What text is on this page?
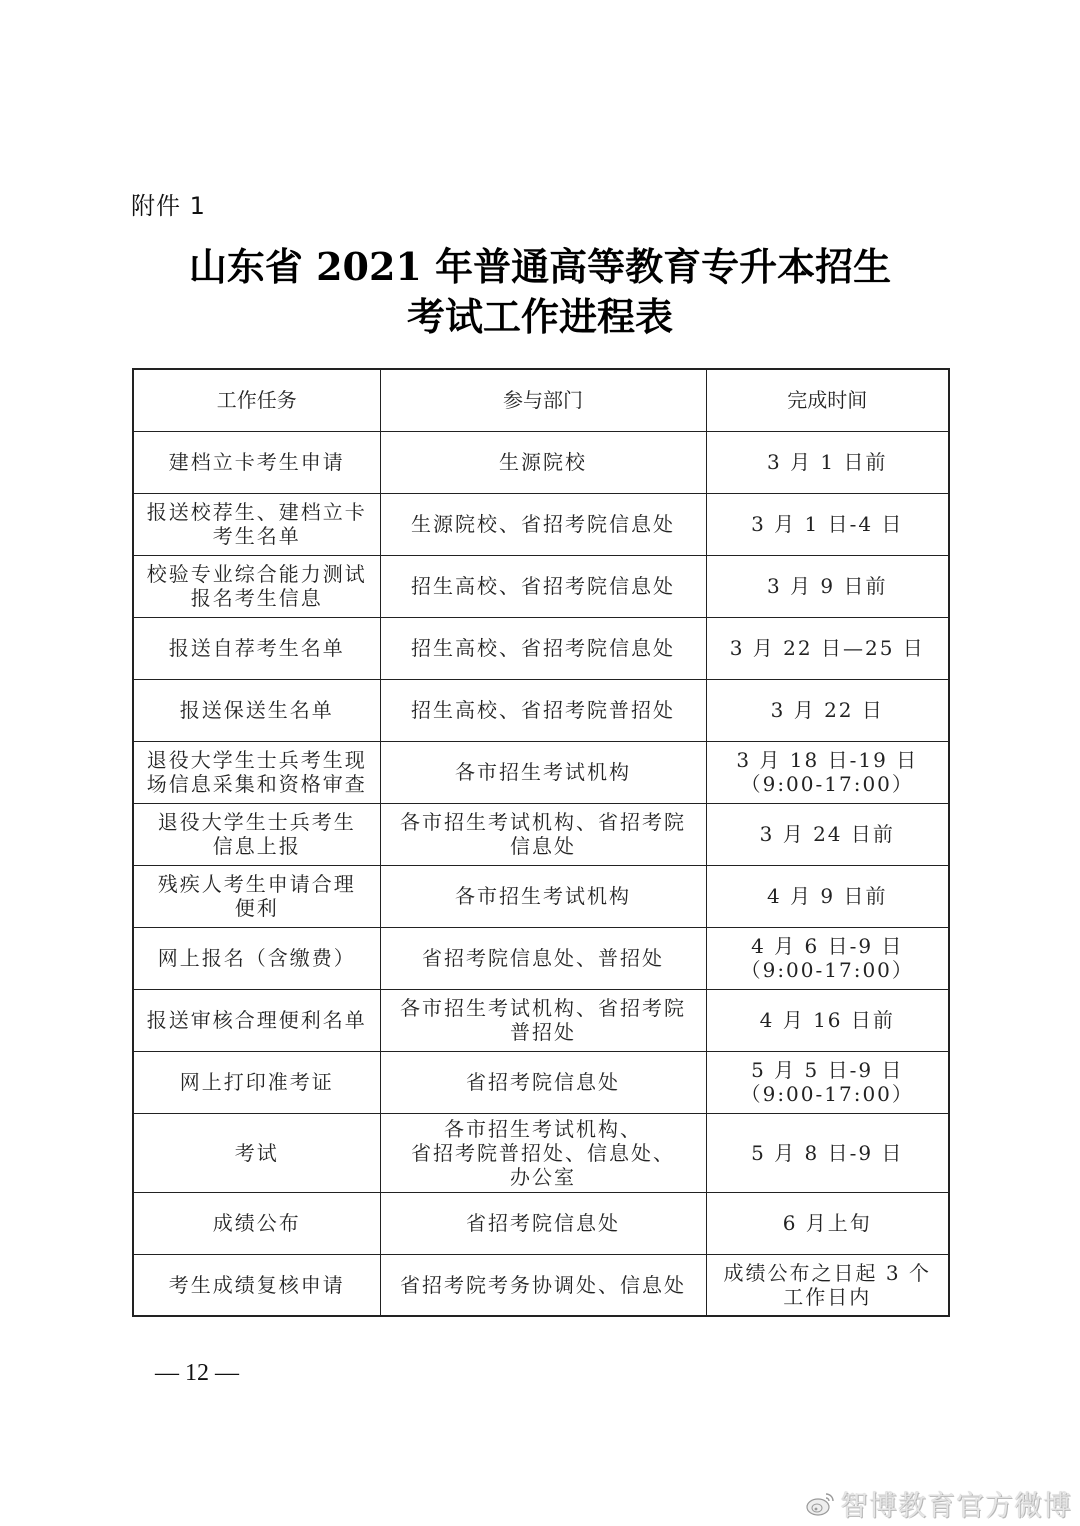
附件 1
山东省 2021 年普通高等教育专升本招生
考试工作进程表
工作任务	参与部门	完成时间

建档立卡考生申请	生源院校	3 月 1 日前

报送校荐生、建档立卡
考生名单	生源院校、省招考院信息处	3 月 1 日-4 日

校验专业综合能力测试
报名考生信息	招生高校、省招考院信息处	3 月 9 日前

报送自荐考生名单	招生高校、省招考院信息处	3 月 22 日—25 日

报送保送生名单	招生高校、省招考院普招处	3 月 22 日

退役大学生士兵考生现
场信息采集和资格审查	各市招生考试机构	3 月 18 日-19 日
（9:00-17:00）

退役大学生士兵考生
信息上报	各市招生考试机构、省招考院
信息处	3 月 24 日前

残疾人考生申请合理
便利	各市招生考试机构	4 月 9 日前

网上报名（含缴费）	省招考院信息处、普招处	4 月 6 日-9 日
（9:00-17:00）

报送审核合理便利名单	各市招生考试机构、省招考院
普招处	4 月 16 日前

网上打印准考证	省招考院信息处	5 月 5 日-9 日
（9:00-17:00）

考试	各市招生考试机构、
省招考院普招处、信息处、
办公室	5 月 8 日-9 日

成绩公布	省招考院信息处	6 月上旬

考生成绩复核申请	省招考院考务协调处、信息处	成绩公布之日起 3 个
工作日内
— 12 —
智博教育官方微博
